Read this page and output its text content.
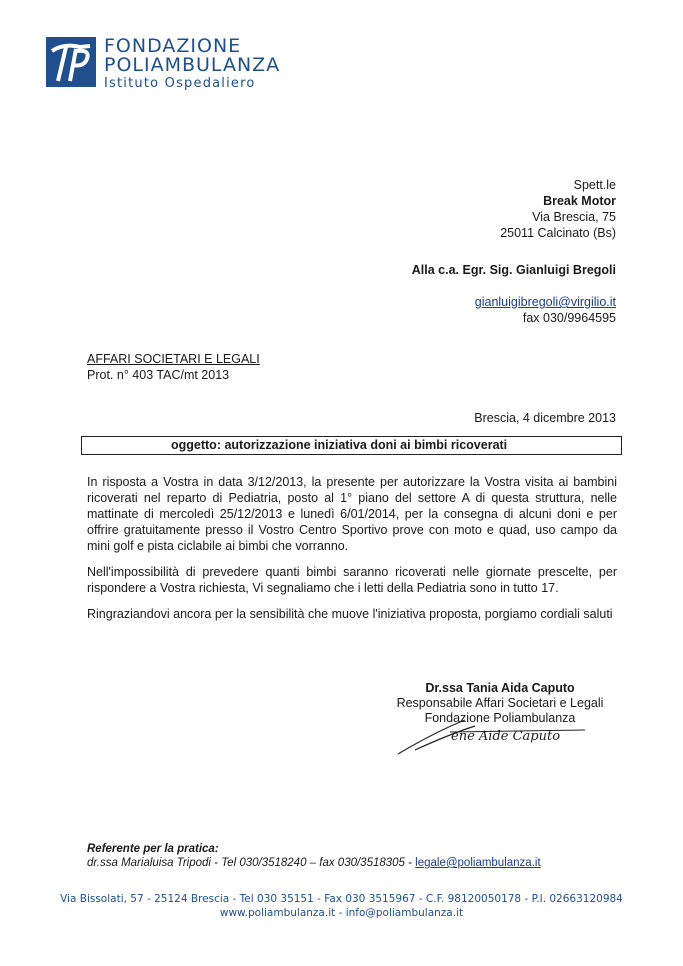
FONDAZIONE
POLIAMBULANZA
Istituto Ospedaliero
Spett.le
Break Motor
Via Brescia, 75
25011 Calcinato (Bs)
Alla c.a. Egr. Sig. Gianluigi Bregoli
gianluigibregoli@virgilio.it
fax 030/9964595
AFFARI SOCIETARI E LEGALI
Prot. n° 403 TAC/mt 2013
Brescia, 4 dicembre 2013
oggetto: autorizzazione iniziativa doni ai bimbi ricoverati

In risposta a Vostra in data 3/12/2013, la presente per autorizzare la Vostra visita ai bambini ricoverati nel reparto di Pediatria, posto al 1° piano del settore A di questa struttura, nelle mattinate di mercoledì 25/12/2013 e lunedì 6/01/2014, per la consegna di alcuni doni e per offrire gratuitamente presso il Vostro Centro Sportivo prove con moto e quad, uso campo da mini golf e pista ciclabile ai bimbi che vorranno.

Nell'impossibilità di prevedere quanti bimbi saranno ricoverati nelle giornate prescelte, per rispondere a Vostra richiesta, Vi segnaliamo che i letti della Pediatria sono in tutto 17.

Ringraziandovi ancora per la sensibilità che muove l'iniziativa proposta, porgiamo cordiali saluti

Dr.ssa Tania Aida Caputo
Responsabile Affari Societari e Legali
Fondazione Poliambulanza
ene Aide Caputo
Referente per la pratica:
dr.ssa Marialuisa Tripodi - Tel 030/3518240 – fax 030/3518305 - legale@poliambulanza.it
Via Bissolati, 57 - 25124 Brescia - Tel 030 35151 - Fax 030 3515967 - C.F. 98120050178 - P.I. 02663120984
www.poliambulanza.it - info@poliambulanza.it
